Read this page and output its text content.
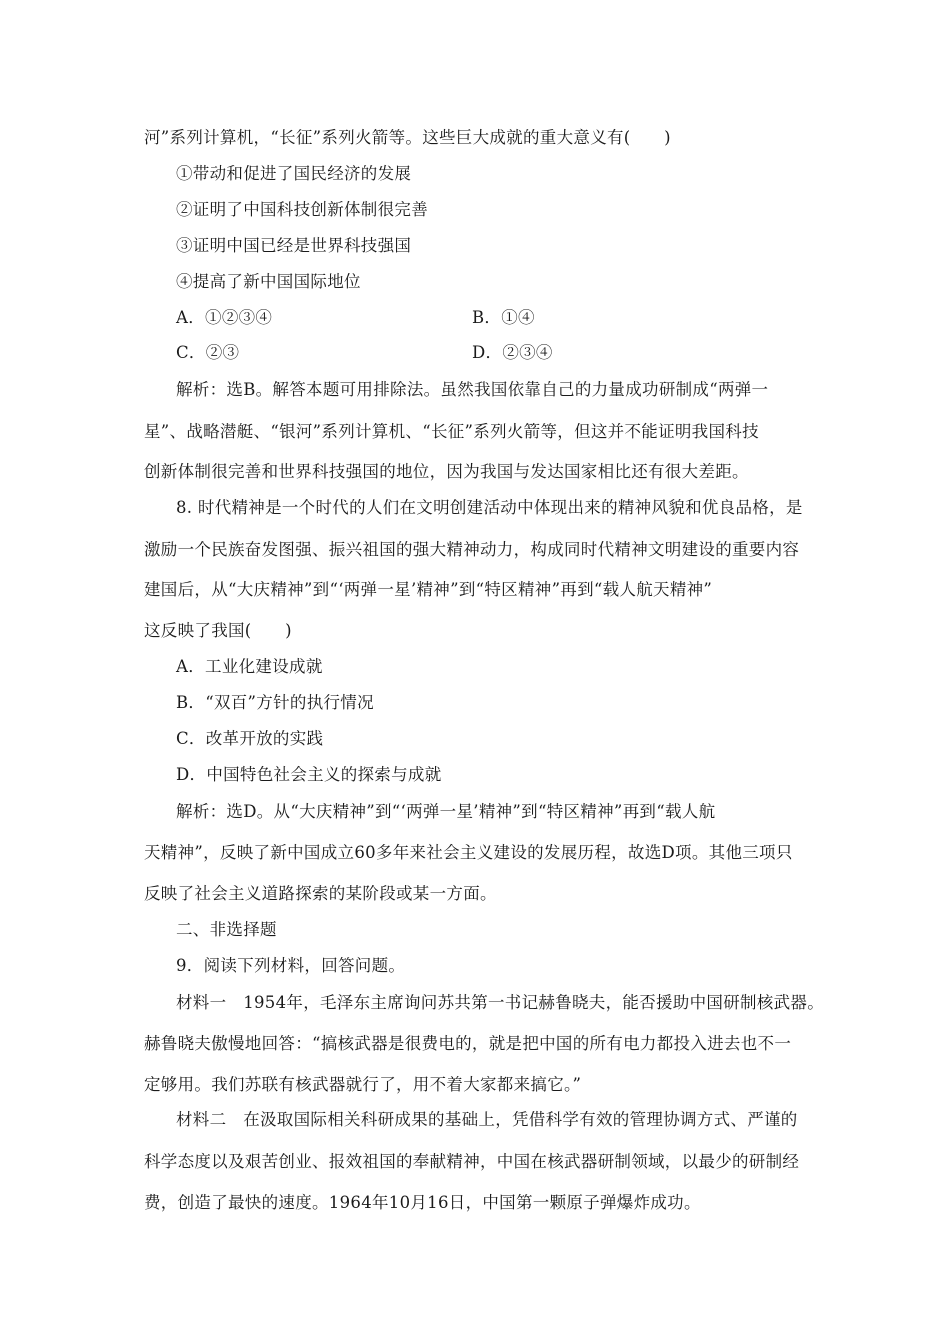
河”系列计算机，“长征”系列火箭等。这些巨大成就的重大意义有(　　)
①带动和促进了国民经济的发展
②证明了中国科技创新体制很完善
③证明中国已经是世界科技强国
④提高了新中国国际地位
A．①②③④	B．①④
C．②③	D．②③④
解析：选B。解答本题可用排除法。虽然我国依靠自己的力量成功研制成“两弹一
星”、战略潜艇、“银河”系列计算机、“长征”系列火箭等，但这并不能证明我国科技
创新体制很完善和世界科技强国的地位，因为我国与发达国家相比还有很大差距。
8. 时代精神是一个时代的人们在文明创建活动中体现出来的精神风貌和优良品格，是
激励一个民族奋发图强、振兴祖国的强大精神动力，构成同时代精神文明建设的重要内容
建国后，从“大庆精神”到“‘两弹一星’精神”到“特区精神”再到“载人航天精神”
这反映了我国(　　)
A．工业化建设成就
B．“双百”方针的执行情况
C．改革开放的实践
D．中国特色社会主义的探索与成就
解析：选D。从“大庆精神”到“‘两弹一星’精神”到“特区精神”再到“载人航
天精神”，反映了新中国成立60多年来社会主义建设的发展历程，故选D项。其他三项只
反映了社会主义道路探索的某阶段或某一方面。
二、非选择题
9．阅读下列材料，回答问题。
材料一　1954年，毛泽东主席询问苏共第一书记赫鲁晓夫，能否援助中国研制核武器。
赫鲁晓夫傲慢地回答：“搞核武器是很费电的，就是把中国的所有电力都投入进去也不一
定够用。我们苏联有核武器就行了，用不着大家都来搞它。”
材料二　在汲取国际相关科研成果的基础上，凭借科学有效的管理协调方式、严谨的
科学态度以及艰苦创业、报效祖国的奉献精神，中国在核武器研制领域，以最少的研制经
费，创造了最快的速度。1964年10月16日，中国第一颗原子弹爆炸成功。
